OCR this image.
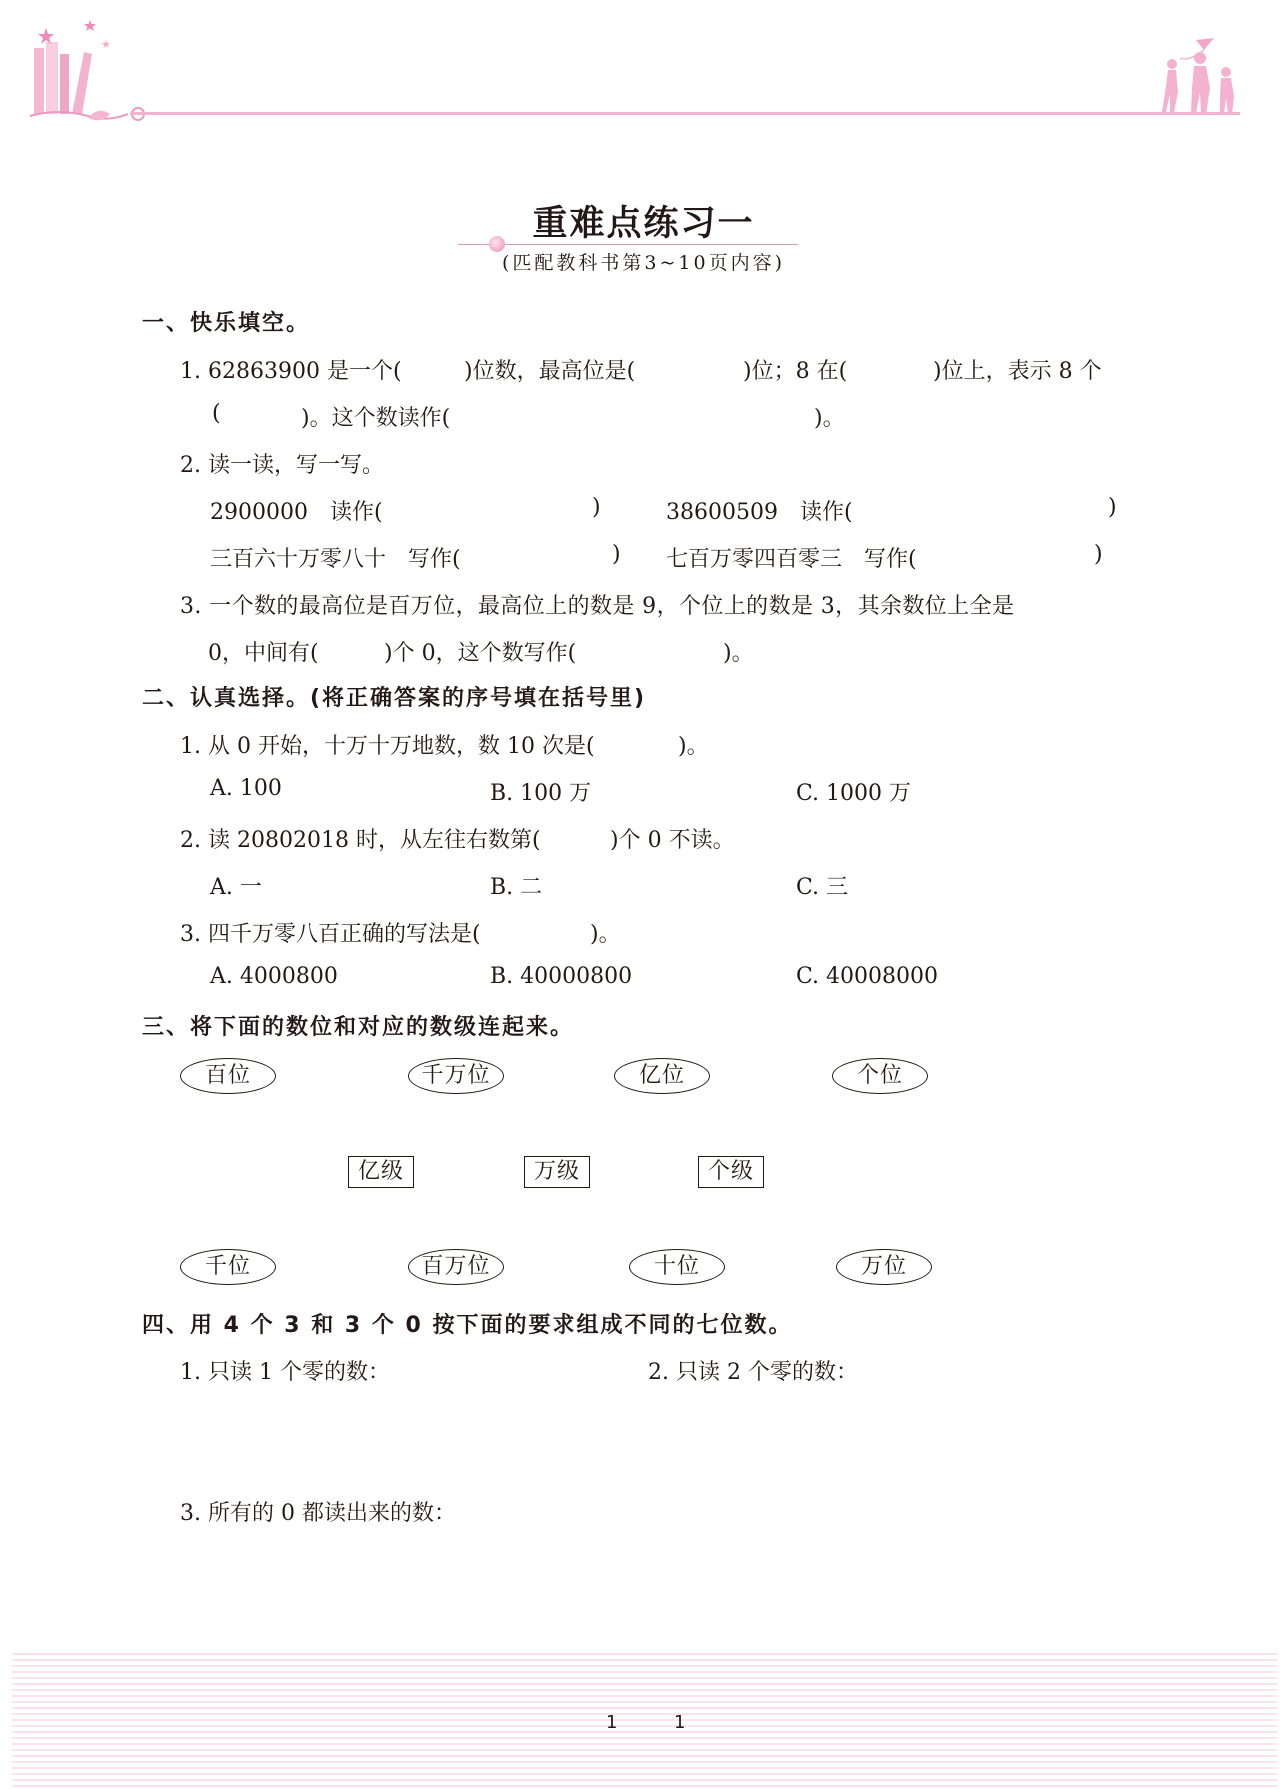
重难点练习一
(匹配教科书第3~10页内容)
一、快乐填空。
1. 62863900 是一个(	)位数，最高位是(	)位；8 在(	)位上，表示 8 个
(	)。这个数读作(	)。
2. 读一读，写一写。
2900000　读作(	)	38600509　读作(	)
三百六十万零八十　写作(	) 七百万零四百零三　写作(	)
3. 一个数的最高位是百万位，最高位上的数是 9，个位上的数是 3，其余数位上全是
0，中间有(	)个 0，这个数写作(	)。
二、认真选择。(将正确答案的序号填在括号里)
1. 从 0 开始，十万十万地数，数 10 次是(	)。
A. 100	B. 100 万	C. 1000 万
2. 读 20802018 时，从左往右数第(	)个 0 不读。
A. 一	B. 二	C. 三
3. 四千万零八百正确的写法是(	)。
A. 4000800	B. 40000800	C. 40008000
三、将下面的数位和对应的数级连起来。
百位	千万位	亿位	个位
亿级	万级	个级
千位	百万位	十位	万位
四、用 4 个 3 和 3 个 0 按下面的要求组成不同的七位数。
1. 只读 1 个零的数：	2. 只读 2 个零的数：
3. 所有的 0 都读出来的数：
1	1
